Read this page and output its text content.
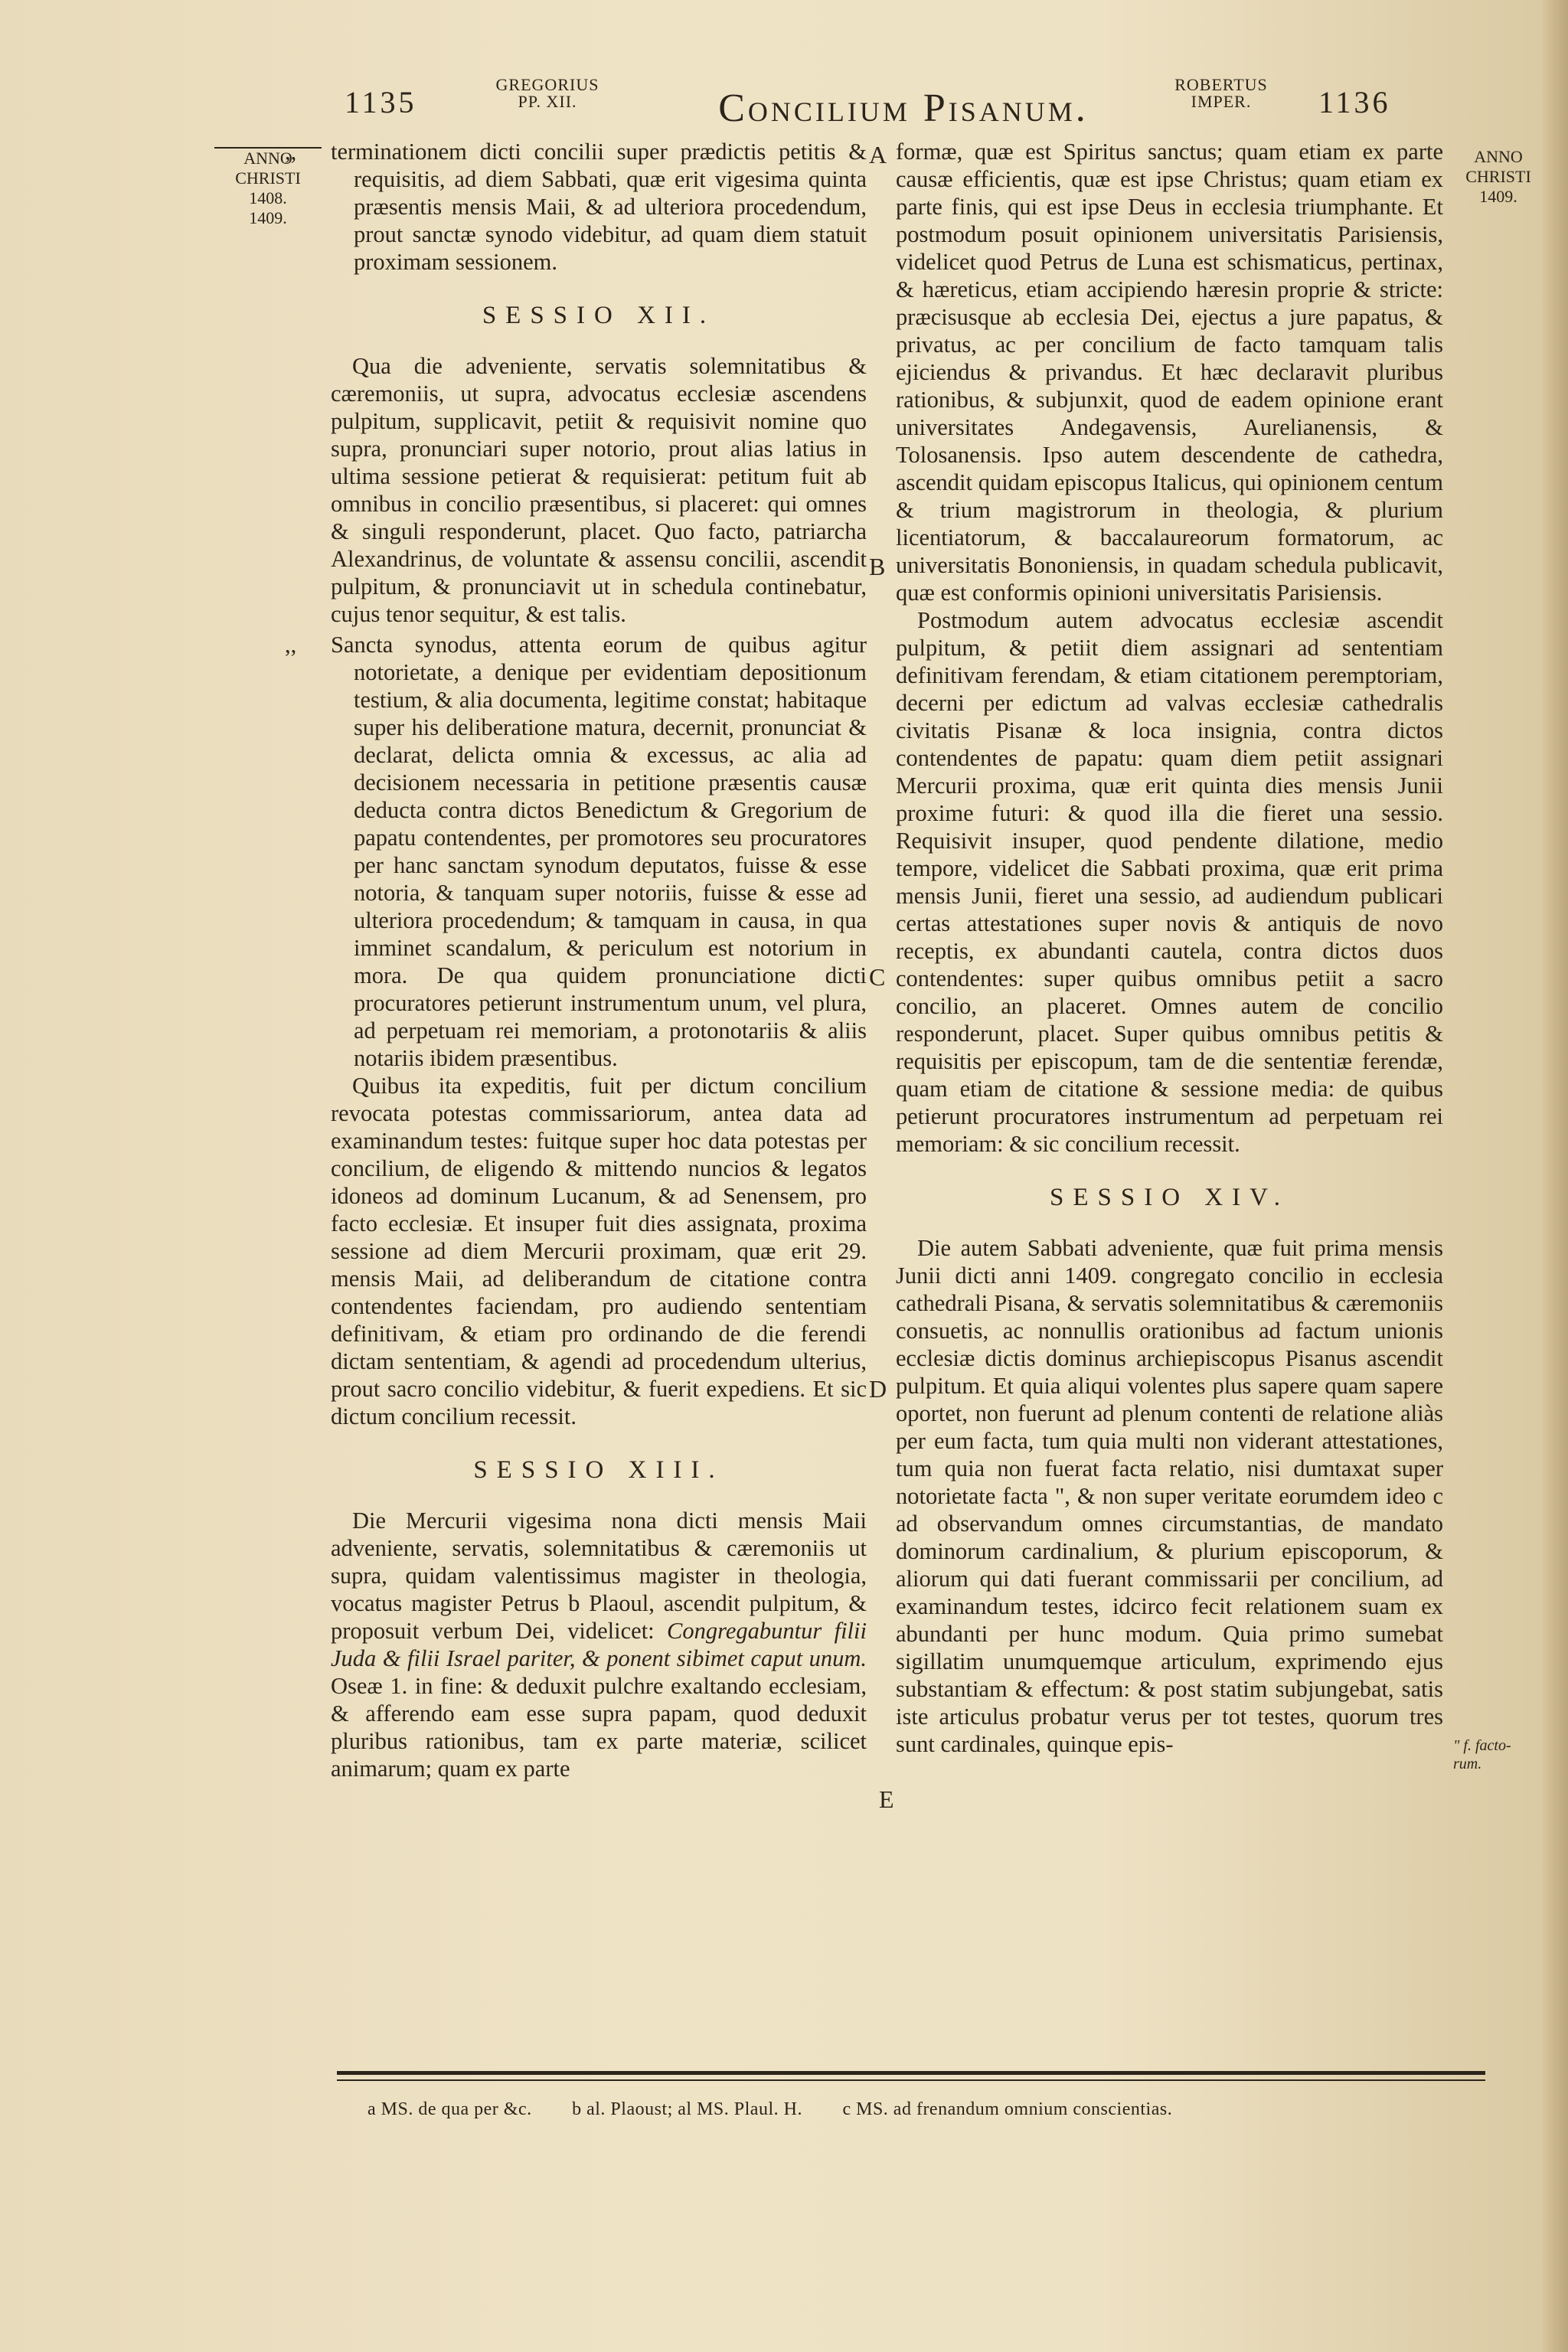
1135
GREGORIUS
PP. XII.	Concilium Pisanum.
ROBERTUS
IMPER.	1136
ANNO
CHRISTI
1408.
1409.
ANNO
CHRISTI
1409.
A
B
C
D
E

,, terminationem dicti concilii super prædictis petitis & requisitis, ad diem Sabbati, quæ erit vigesima quinta præsentis mensis Maii, & ad ulteriora procedendum, prout sanctæ synodo videbitur, ad quam diem statuit proximam sessionem.

SESSIO XII.

Qua die adveniente, servatis solemnitatibus & cæremoniis, ut supra, advocatus ecclesiæ ascendens pulpitum, supplicavit, petiit & requisivit nomine quo supra, pronunciari super notorio, prout alias latius in ultima sessione petierat & requisierat: petitum fuit ab omnibus in concilio præsentibus, si placeret: qui omnes & singuli responderunt, placet. Quo facto, patriarcha Alexandrinus, de voluntate & assensu concilii, ascendit pulpitum, & pronunciavit ut in schedula continebatur, cujus tenor sequitur, & est talis.

,, Sancta synodus, attenta eorum de quibus agitur notorietate, a denique per evidentiam depositionum testium, & alia documenta, legitime constat; habitaque super his deliberatione matura, decernit, pronunciat & declarat, delicta omnia & excessus, ac alia ad decisionem necessaria in petitione præsentis causæ deducta contra dictos Benedictum & Gregorium de papatu contendentes, per promotores seu procuratores per hanc sanctam synodum deputatos, fuisse & esse notoria, & tanquam super notoriis, fuisse & esse ad ulteriora procedendum; & tamquam in causa, in qua imminet scandalum, & periculum est notorium in mora. De qua quidem pronunciatione dicti procuratores petierunt instrumentum unum, vel plura, ad perpetuam rei memoriam, a protonotariis & aliis notariis ibidem præsentibus.

Quibus ita expeditis, fuit per dictum concilium revocata potestas commissariorum, antea data ad examinandum testes: fuitque super hoc data potestas per concilium, de eligendo & mittendo nuncios & legatos idoneos ad dominum Lucanum, & ad Senensem, pro facto ecclesiæ. Et insuper fuit dies assignata, proxima sessione ad diem Mercurii proximam, quæ erit 29. mensis Maii, ad deliberandum de citatione contra contendentes faciendam, pro audiendo sententiam definitivam, & etiam pro ordinando de die ferendi dictam sententiam, & agendi ad procedendum ulterius, prout sacro concilio videbitur, & fuerit expediens. Et sic dictum concilium recessit.

SESSIO XIII.

Die Mercurii vigesima nona dicti mensis Maii adveniente, servatis, solemnitatibus & cæremoniis ut supra, quidam valentissimus magister in theologia, vocatus magister Petrus b Plaoul, ascendit pulpitum, & proposuit verbum Dei, videlicet: Congregabuntur filii Juda & filii Israel pariter, & ponent sibimet caput unum. Oseæ 1. in fine: & deduxit pulchre exaltando ecclesiam, & afferendo eam esse supra papam, quod deduxit pluribus rationibus, tam ex parte materiæ, scilicet animarum; quam ex parte

formæ, quæ est Spiritus sanctus; quam etiam ex parte causæ efficientis, quæ est ipse Christus; quam etiam ex parte finis, qui est ipse Deus in ecclesia triumphante. Et postmodum posuit opinionem universitatis Parisiensis, videlicet quod Petrus de Luna est schismaticus, pertinax, & hæreticus, etiam accipiendo hæresin proprie & stricte: præcisusque ab ecclesia Dei, ejectus a jure papatus, & privatus, ac per concilium de facto tamquam talis ejiciendus & privandus. Et hæc declaravit pluribus rationibus, & subjunxit, quod de eadem opinione erant universitates Andegavensis, Aurelianensis, & Tolosanensis. Ipso autem descendente de cathedra, ascendit quidam episcopus Italicus, qui opinionem centum & trium magistrorum in theologia, & plurium licentiatorum, & baccalaureorum formatorum, ac universitatis Bononiensis, in quadam schedula publicavit, quæ est conformis opinioni universitatis Parisiensis.

Postmodum autem advocatus ecclesiæ ascendit pulpitum, & petiit diem assignari ad sententiam definitivam ferendam, & etiam citationem peremptoriam, decerni per edictum ad valvas ecclesiæ cathedralis civitatis Pisanæ & loca insignia, contra dictos contendentes de papatu: quam diem petiit assignari Mercurii proxima, quæ erit quinta dies mensis Junii proxime futuri: & quod illa die fieret una sessio. Requisivit insuper, quod pendente dilatione, medio tempore, videlicet die Sabbati proxima, quæ erit prima mensis Junii, fieret una sessio, ad audiendum publicari certas attestationes super novis & antiquis de novo receptis, ex abundanti cautela, contra dictos duos contendentes: super quibus omnibus petiit a sacro concilio, an placeret. Omnes autem de concilio responderunt, placet. Super quibus omnibus petitis & requisitis per episcopum, tam de die sententiæ ferendæ, quam etiam de citatione & sessione media: de quibus petierunt procuratores instrumentum ad perpetuam rei memoriam: & sic concilium recessit.

SESSIO XIV.

Die autem Sabbati adveniente, quæ fuit prima mensis Junii dicti anni 1409. congregato concilio in ecclesia cathedrali Pisana, & servatis solemnitatibus & cæremoniis consuetis, ac nonnullis orationibus ad factum unionis ecclesiæ dictis dominus archiepiscopus Pisanus ascendit pulpitum. Et quia aliqui volentes plus sapere quam sapere oportet, non fuerunt ad plenum contenti de relatione aliàs per eum facta, tum quia multi non viderant attestationes, tum quia non fuerat facta relatio, nisi dumtaxat super notorietate facta ", & non super veritate eorumdem ideo c ad observandum omnes circumstantias, de mandato dominorum cardinalium, & plurium episcoporum, & aliorum qui dati fuerant commissarii per concilium, ad examinandum testes, idcirco fecit relationem suam ex abundanti per hunc modum. Quia primo sumebat sigillatim unumquemque articulum, exprimendo ejus substantiam & effectum: & post statim subjungebat, satis iste articulus probatur verus per tot testes, quorum tres sunt cardinales, quinque epis-	" f. facto-
rum.
a MS. de qua per &c. b al. Plaoust; al MS. Plaul. H. c MS. ad frenandum omnium conscientias.
